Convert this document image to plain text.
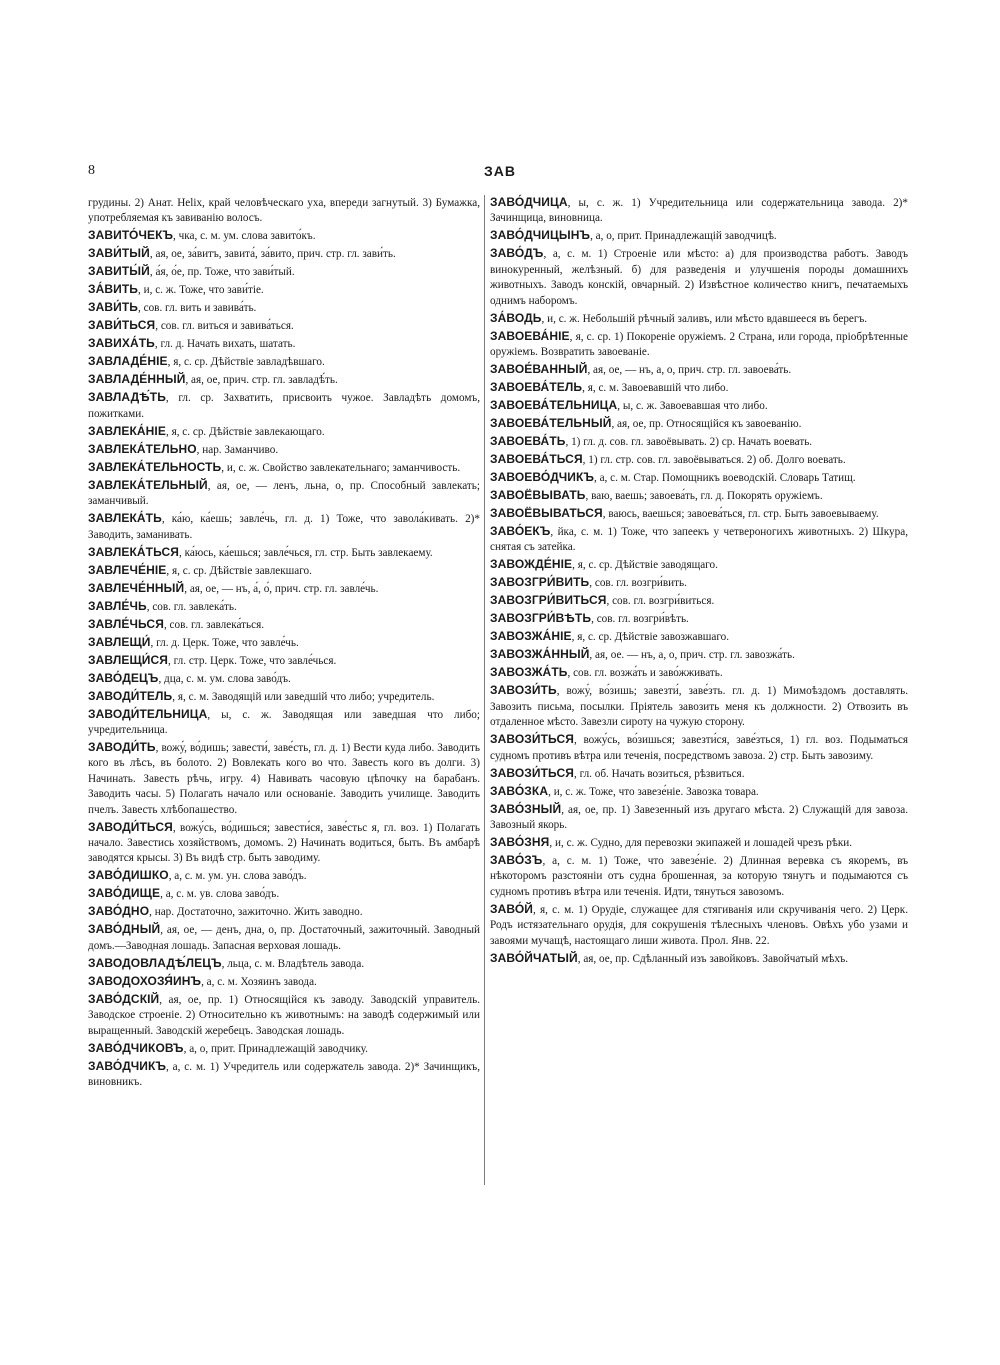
8	ЗАВ

грудины. 2) Анат. Helix, край человѣческаго уха, впереди загнутый. 3) Бумажка, употребляемая къ завиванію волосъ.

ЗАВИТО́ЧЕКЪ, чка, с. м. ум. слова завито́къ.

ЗАВИ́ТЫЙ, ая, ое, за́витъ, завита́, за́вито, прич. стр. гл. зави́ть.

ЗАВИТЫ́Й, а́я, о́е, пр. Тоже, что зави́тый.

ЗА́ВИТЬ, и, с. ж. Тоже, что зави́тіе.

ЗАВИ́ТЬ, сов. гл. вить и завива́ть.

ЗАВИ́ТЬСЯ, сов. гл. виться и завива́ться.

ЗАВИХА́ТЬ, гл. д. Начать вихать, шатать.

ЗАВЛАДЕ́НІЕ, я, с. ср. Дѣйствіе завладѣвшаго.

ЗАВЛАДЕ́ННЫЙ, ая, ое, прич. стр. гл. завладѣ́ть.

ЗАВЛАДѢ́ТЬ, гл. ср. Захватить, присвоить чужое. Завладѣть домомъ, пожитками.

ЗАВЛЕКА́НІЕ, я, с. ср. Дѣйствіе завлекающаго.

ЗАВЛЕКА́ТЕЛЬНО, нар. Заманчиво.

ЗАВЛЕКА́ТЕЛЬНОСТЬ, и, с. ж. Свойство завлекательнаго; заманчивость.

ЗАВЛЕКА́ТЕЛЬНЫЙ, ая, ое, — ленъ, льна, о, пр. Способный завлекать; заманчивый.

ЗАВЛЕКА́ТЬ, ка́ю, ка́ешь; завле́чь, гл. д. 1) Тоже, что завола́кивать. 2)* Заводить, заманивать.

ЗАВЛЕКА́ТЬСЯ, ка́юсь, ка́ешься; завле́чься, гл. стр. Быть завлекаему.

ЗАВЛЕЧЕ́НІЕ, я, с. ср. Дѣйствіе завлекшаго.

ЗАВЛЕЧЕ́ННЫЙ, ая, ое, — нъ, а́, о́, прич. стр. гл. завле́чь.

ЗАВЛЕ́ЧЬ, сов. гл. завлека́ть.

ЗАВЛЕ́ЧЬСЯ, сов. гл. завлека́ться.

ЗАВЛЕЩИ́, гл. д. Церк. Тоже, что завле́чь.

ЗАВЛЕЩИ́СЯ, гл. стр. Церк. Тоже, что завле́чься.

ЗАВО́ДЕЦЪ, дца, с. м. ум. слова заво́дъ.

ЗАВОДИ́ТЕЛЬ, я, с. м. Заводящій или заведшій что либо; учредитель.

ЗАВОДИ́ТЕЛЬНИЦА, ы, с. ж. Заводящая или заведшая что либо; учредительница.

ЗАВОДИ́ТЬ, вожу́, во́дишь; завести́, заве́сть, гл. д. 1) Вести куда либо. Заводить кого въ лѣсъ, въ болото. 2) Вовлекать кого во что. Завесть кого въ долги. 3) Начинать. Завесть рѣчь, игру. 4) Навивать часовую цѣпочку на барабанъ. Заводить часы. 5) Полагать начало или основаніе. Заводить училище. Заводить пчелъ. Завесть хлѣбопашество.

ЗАВОДИ́ТЬСЯ, вожу́сь, во́дишься; завести́ся, заве́стьс я, гл. воз. 1) Полагать начало. Завестись хозяйствомъ, домомъ. 2) Начинать водиться, быть. Въ амбарѣ заводятся крысы. 3) Въ видѣ стр. быть заводиму.

ЗАВО́ДИШКО, а, с. м. ум. ун. слова заво́дъ.

ЗАВО́ДИЩЕ, а, с. м. ув. слова заво́дъ.

ЗАВО́ДНО, нар. Достаточно, зажиточно. Жить заводно.

ЗАВО́ДНЫЙ, ая, ое, — денъ, дна, о, пр. Достаточный, зажиточный. Заводный домъ.—Заводная лошадь. Запасная верховая лошадь.

ЗАВОДОВЛАДѢ́ЛЕЦЪ, льца, с. м. Владѣтель завода.

ЗАВОДОХОЗЯ́ИНЪ, а, с. м. Хозяинъ завода.

ЗАВО́ДСКІЙ, ая, ое, пр. 1) Относящійся къ заводу. Заводскій управитель. Заводское строеніе. 2) Относительно къ животнымъ: на заводѣ содержимый или выращенный. Заводскій жеребецъ. Заводская лошадь.

ЗАВО́ДЧИКОВЪ, а, о, прит. Принадлежащій заводчику.

ЗАВО́ДЧИКЪ, а, с. м. 1) Учредитель или содержатель завода. 2)* Зачинщикъ, виновникъ.

ЗАВО́ДЧИЦА, ы, с. ж. 1) Учредительница или содержательница завода. 2)* Зачинщица, виновница.

ЗАВО́ДЧИЦЫНЪ, а, о, прит. Принадлежащій заводчицѣ.

ЗАВО́ДЪ, а, с. м. 1) Строеніе или мѣсто: а) для производства работъ. Заводъ винокуренный, желѣзный. б) для разведенія и улучшенія породы домашнихъ животныхъ. Заводъ конскій, овчарный. 2) Извѣстное количество книгъ, печатаемыхъ однимъ наборомъ.

ЗА́ВОДЬ, и, с. ж. Небольшій рѣчный заливъ, или мѣсто вдавшееся въ берегъ.

ЗАВОЕВА́НІЕ, я, с. ср. 1) Покореніе оружіемъ. 2 Страна, или города, пріобрѣтенные оружіемъ. Возвратить завоеваніе.

ЗАВОЕ́ВАННЫЙ, ая, ое, — нъ, а, о, прич. стр. гл. завоева́ть.

ЗАВОЕВА́ТЕЛЬ, я, с. м. Завоевавшій что либо.

ЗАВОЕВА́ТЕЛЬНИЦА, ы, с. ж. Завоевавшая что либо.

ЗАВОЕВА́ТЕЛЬНЫЙ, ая, ое, пр. Относящійся къ завоеванію.

ЗАВОЕВА́ТЬ, 1) гл. д. сов. гл. завоёвывать. 2) ср. Начать воевать.

ЗАВОЕВА́ТЬСЯ, 1) гл. стр. сов. гл. завоёвываться. 2) об. Долго воевать.

ЗАВОЕВО́ДЧИКЪ, а, с. м. Стар. Помощникъ воеводскій. Словарь Татищ.

ЗАВОЁВЫВАТЬ, ваю, ваешь; завоева́ть, гл. д. Покорять оружіемъ.

ЗАВОЁВЫВАТЬСЯ, ваюсь, ваешься; завоева́ться, гл. стр. Быть завоевываему.

ЗАВО́ЕКЪ, йка, с. м. 1) Тоже, что запеекъ у четвероногихъ животныхъ. 2) Шкура, снятая съ затейка.

ЗАВОЖДЕ́НІЕ, я, с. ср. Дѣйствіе заводящаго.

ЗАВОЗГРИ́ВИТЬ, сов. гл. возгри́вить.

ЗАВОЗГРИ́ВИТЬСЯ, сов. гл. возгри́виться.

ЗАВОЗГРИ́ВѢТЬ, сов. гл. возгри́вѣть.

ЗАВОЗЖА́НІЕ, я, с. ср. Дѣйствіе завозжавшаго.

ЗАВОЗЖА́ННЫЙ, ая, ое. — нъ, а, о, прич. стр. гл. завозжа́ть.

ЗАВОЗЖА́ТЬ, сов. гл. возжа́ть и заво́жживать.

ЗАВОЗИ́ТЬ, вожу́, во́зишь; завезти́, заве́зть. гл. д. 1) Мимоѣздомъ доставлять. Завозить письма, посылки. Пріятель завозить меня къ должности. 2) Отвозить въ отдаленное мѣсто. Завезли сироту на чужую сторону.

ЗАВОЗИ́ТЬСЯ, вожу́сь, во́зишься; завезти́ся, заве́зться, 1) гл. воз. Подыматься судномъ противъ вѣтра или теченія, посредствомъ завоза. 2) стр. Быть завозиму.

ЗАВОЗИ́ТЬСЯ, гл. об. Начать возиться, рѣзвиться.

ЗАВО́ЗКА, и, с. ж. Тоже, что завезе́ніе. Завозка товара.

ЗАВО́ЗНЫЙ, ая, ое, пр. 1) Завезенный изъ другаго мѣста. 2) Служащій для завоза. Завозный якорь.

ЗАВО́ЗНЯ, и, с. ж. Судно, для перевозки экипажей и лошадей чрезъ рѣки.

ЗАВО́ЗЪ, а, с. м. 1) Тоже, что завезе́ніе. 2) Длинная веревка съ якоремъ, въ нѣкоторомъ разстояніи отъ судна брошенная, за которую тянутъ и подымаются съ судномъ противъ вѣтра или теченія. Идти, тянуться завозомъ.

ЗАВО́Й, я, с. м. 1) Орудіе, служащее для стягиванія или скручиванія чего. 2) Церк. Родъ истязательнаго орудія, для сокрушенія тѣлесныхъ членовъ. Овѣхъ убо узами и завоями мучащѣ, настоящаго лиши живота. Прол. Янв. 22.

ЗАВО́ЙЧАТЫЙ, ая, ое, пр. Сдѣланный изъ завойковъ. Завойчатый мѣхъ.
